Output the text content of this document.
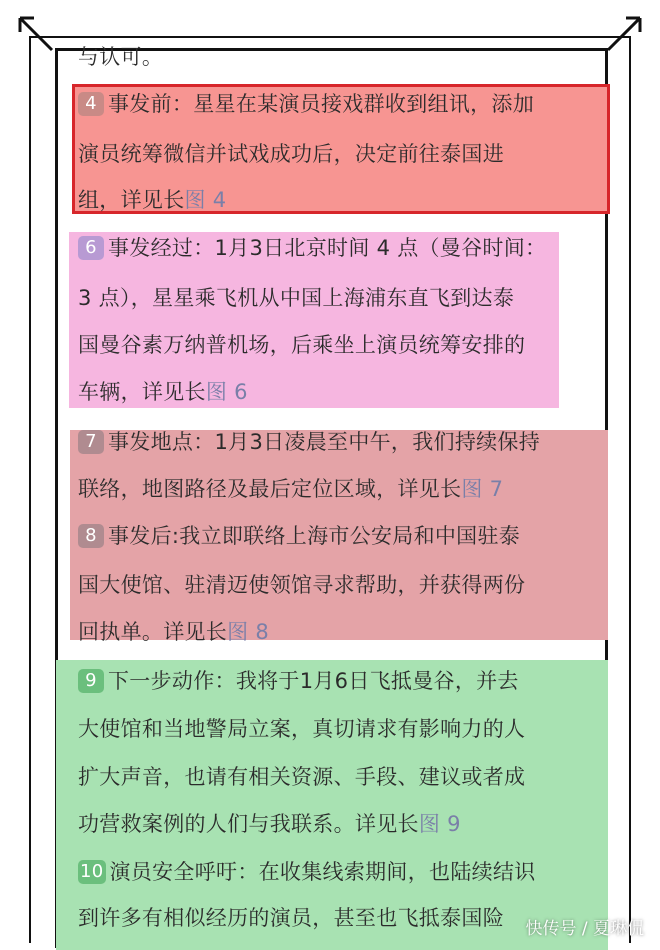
与认可。
4 事发前：星星在某演员接戏群收到组讯，添加
演员统筹微信并试戏成功后，决定前往泰国进
组，详见长图 4
6 事发经过：1月3日北京时间 4 点（曼谷时间：
3 点），星星乘飞机从中国上海浦东直飞到达泰
国曼谷素万纳普机场，后乘坐上演员统筹安排的
车辆，详见长图 6
7 事发地点：1月3日凌晨至中午，我们持续保持
联络，地图路径及最后定位区域，详见长图 7
8 事发后:我立即联络上海市公安局和中国驻泰
国大使馆、驻清迈使领馆寻求帮助，并获得两份
回执单。详见长图 8
9 下一步动作：我将于1月6日飞抵曼谷，并去
大使馆和当地警局立案，真切请求有影响力的人
扩大声音，也请有相关资源、手段、建议或者成
功营救案例的人们与我联系。详见长图 9
10 演员安全呼吁：在收集线索期间，也陆续结识
到许多有相似经历的演员，甚至也飞抵泰国险 快传号 / 夏琳侃
